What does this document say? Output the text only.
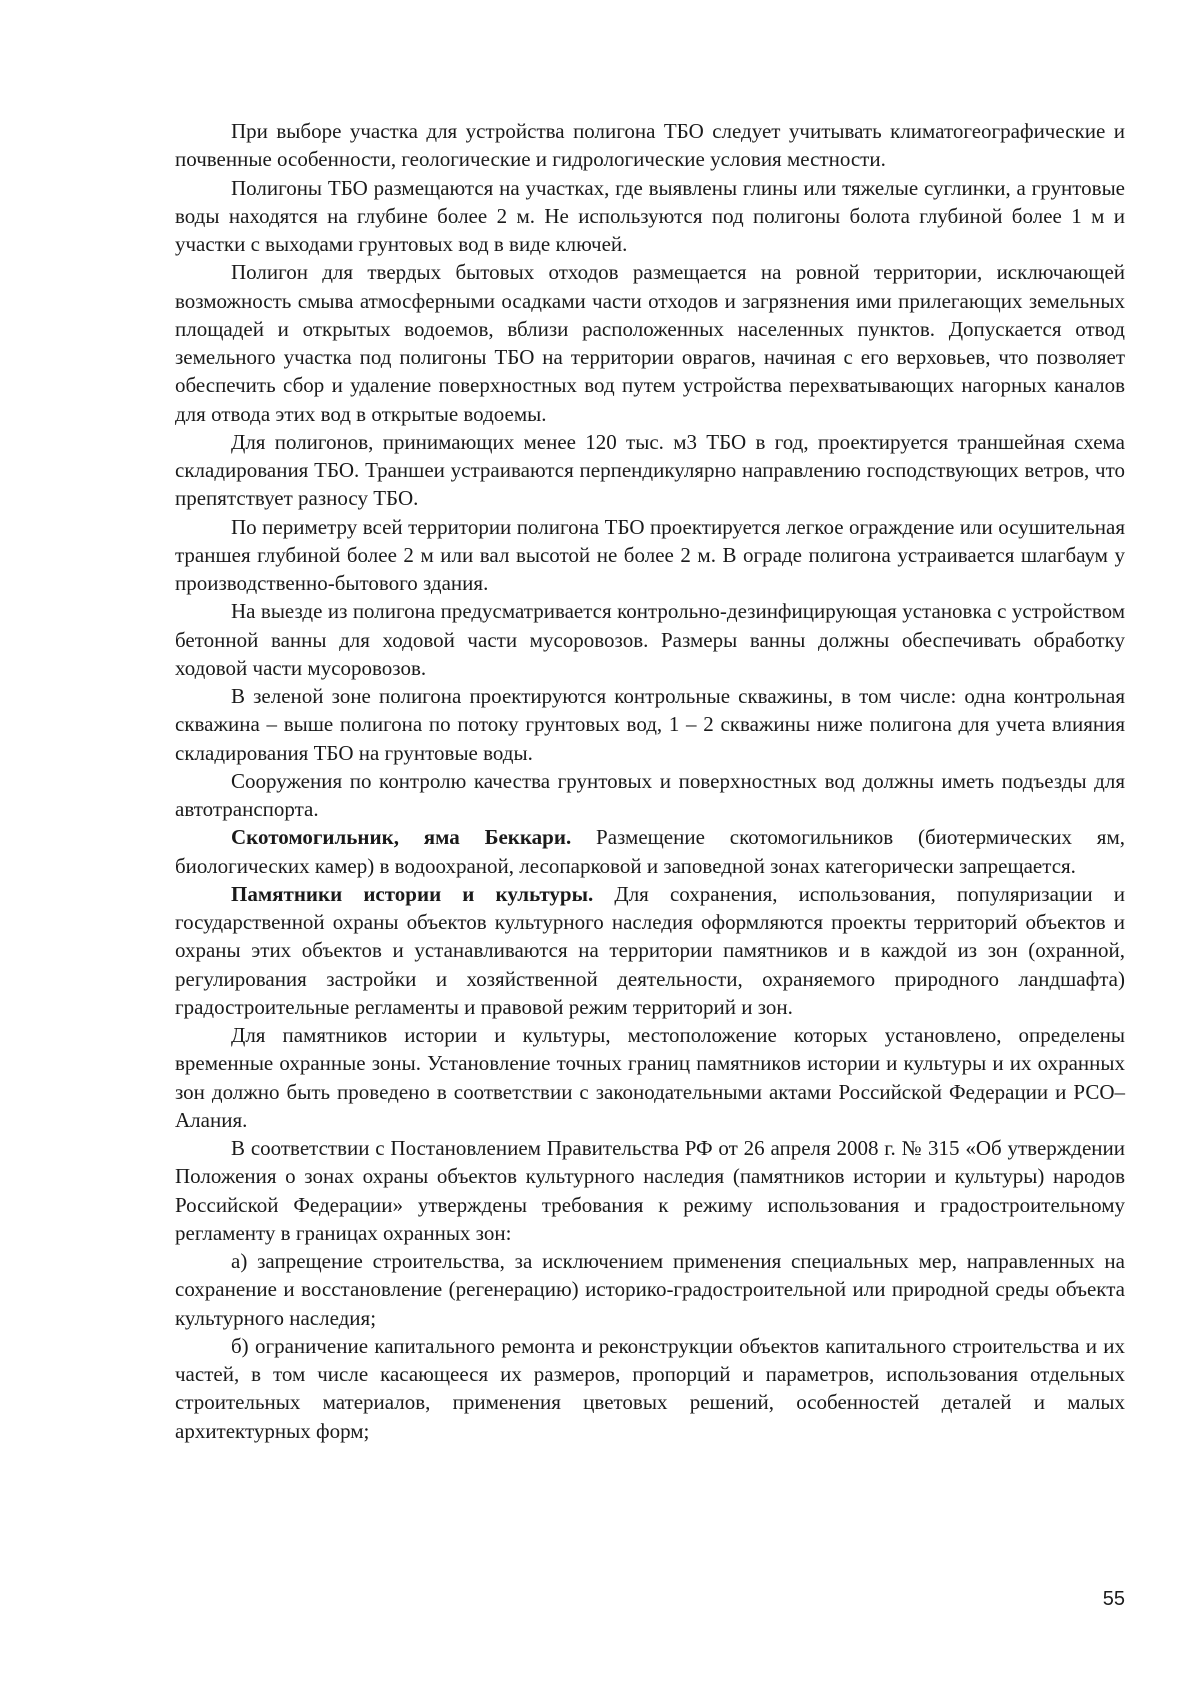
При выборе участка для устройства полигона ТБО следует учитывать климатогеографические и почвенные особенности, геологические и гидрологические условия местности.

Полигоны ТБО размещаются на участках, где выявлены глины или тяжелые суглинки, а грунтовые воды находятся на глубине более 2 м. Не используются под полигоны болота глубиной более 1 м и участки с выходами грунтовых вод в виде ключей.

Полигон для твердых бытовых отходов размещается на ровной территории, исключающей возможность смыва атмосферными осадками части отходов и загрязнения ими прилегающих земельных площадей и открытых водоемов, вблизи расположенных населенных пунктов. Допускается отвод земельного участка под полигоны ТБО на территории оврагов, начиная с его верховьев, что позволяет обеспечить сбор и удаление поверхностных вод путем устройства перехватывающих нагорных каналов для отвода этих вод в открытые водоемы.

Для полигонов, принимающих менее 120 тыс. м3 ТБО в год, проектируется траншейная схема складирования ТБО. Траншеи устраиваются перпендикулярно направлению господствующих ветров, что препятствует разносу ТБО.

По периметру всей территории полигона ТБО проектируется легкое ограждение или осушительная траншея глубиной более 2 м или вал высотой не более 2 м. В ограде полигона устраивается шлагбаум у производственно-бытового здания.

На выезде из полигона предусматривается контрольно-дезинфицирующая установка с устройством бетонной ванны для ходовой части мусоровозов. Размеры ванны должны обеспечивать обработку ходовой части мусоровозов.

В зеленой зоне полигона проектируются контрольные скважины, в том числе: одна контрольная скважина – выше полигона по потоку грунтовых вод, 1 – 2 скважины ниже полигона для учета влияния складирования ТБО на грунтовые воды.

Сооружения по контролю качества грунтовых и поверхностных вод должны иметь подъезды для автотранспорта.

Скотомогильник, яма Беккари. Размещение скотомогильников (биотермических ям, биологических камер) в водоохраной, лесопарковой и заповедной зонах категорически запрещается.

Памятники истории и культуры. Для сохранения, использования, популяризации и государственной охраны объектов культурного наследия оформляются проекты территорий объектов и охраны этих объектов и устанавливаются на территории памятников и в каждой из зон (охранной, регулирования застройки и хозяйственной деятельности, охраняемого природного ландшафта) градостроительные регламенты и правовой режим территорий и зон.

Для памятников истории и культуры, местоположение которых установлено, определены временные охранные зоны. Установление точных границ памятников истории и культуры и их охранных зон должно быть проведено в соответствии с законодательными актами Российской Федерации и РСО–Алания.

В соответствии с Постановлением Правительства РФ от 26 апреля 2008 г. № 315 «Об утверждении Положения о зонах охраны объектов культурного наследия (памятников истории и культуры) народов Российской Федерации» утверждены требования к режиму использования и градостроительному регламенту в границах охранных зон:

а) запрещение строительства, за исключением применения специальных мер, направленных на сохранение и восстановление (регенерацию) историко-градостроительной или природной среды объекта культурного наследия;

б) ограничение капитального ремонта и реконструкции объектов капитального строительства и их частей, в том числе касающееся их размеров, пропорций и параметров, использования отдельных строительных материалов, применения цветовых решений, особенностей деталей и малых архитектурных форм;

55
